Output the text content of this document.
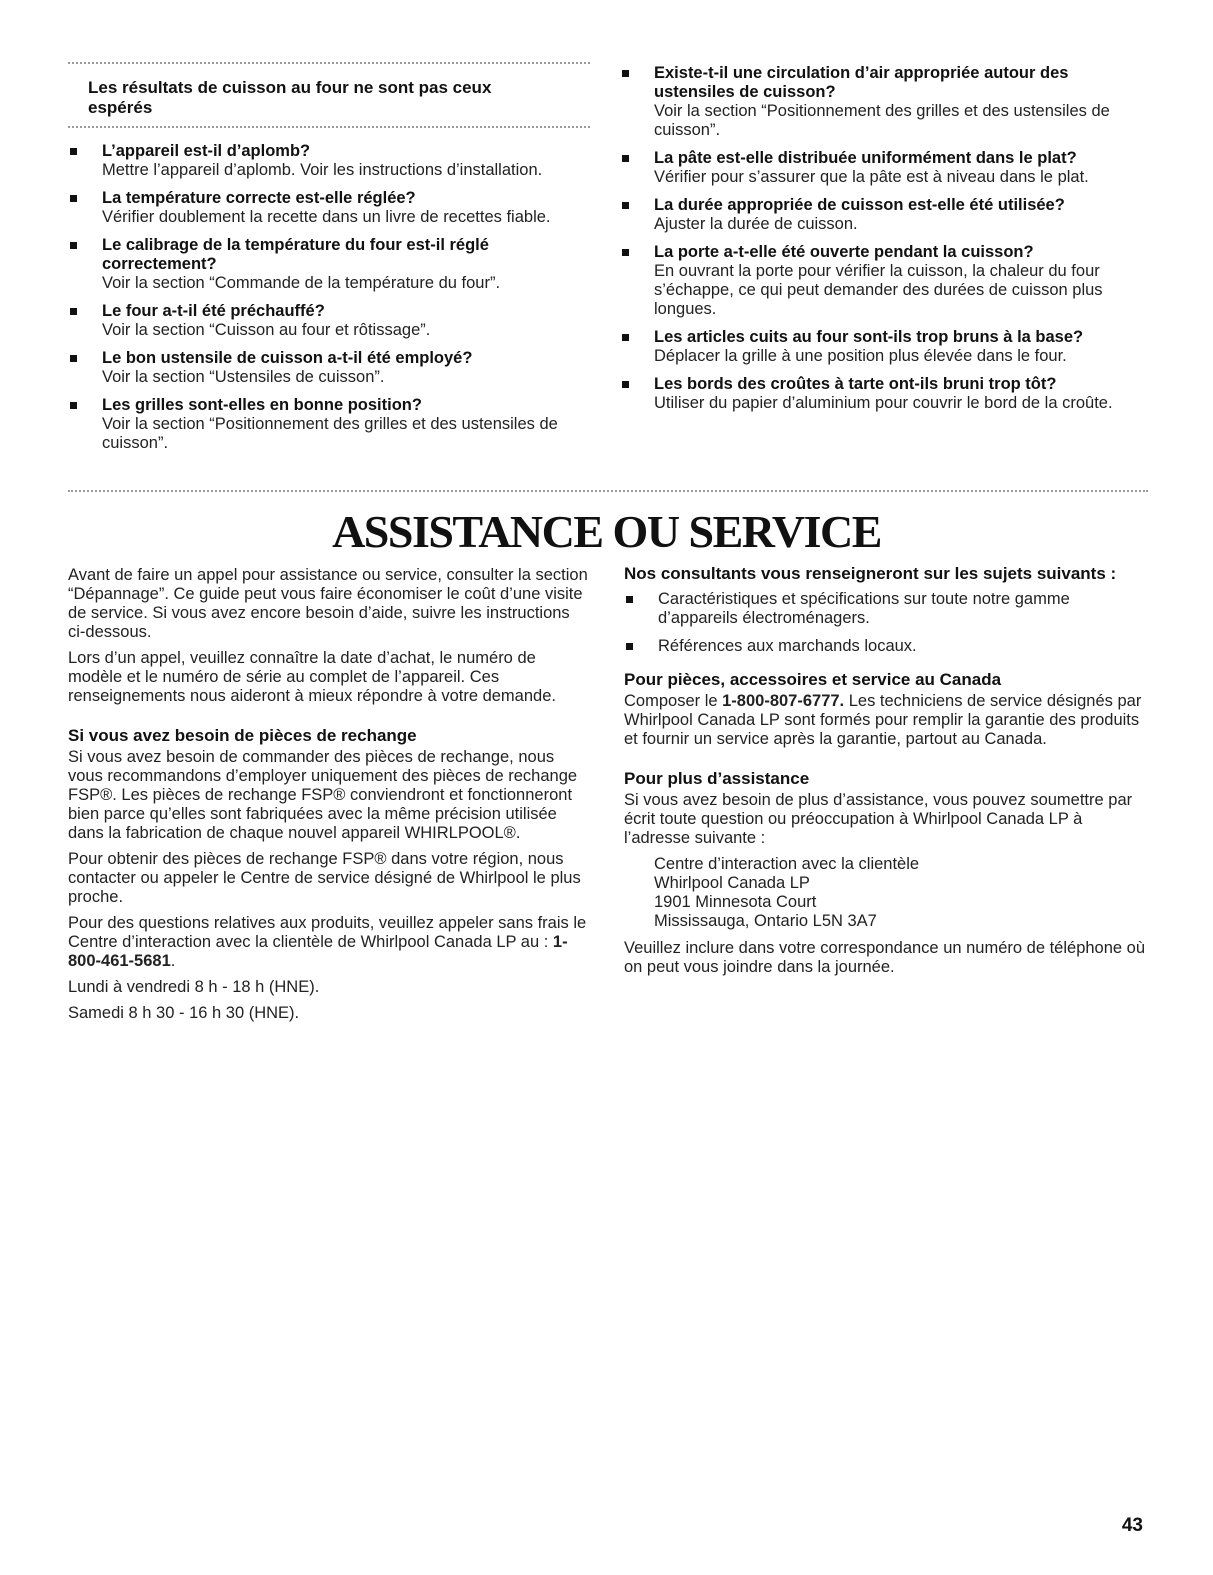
Les résultats de cuisson au four ne sont pas ceux espérés
L’appareil est-il d’aplomb?
Mettre l’appareil d’aplomb. Voir les instructions d’installation.
La température correcte est-elle réglée?
Vérifier doublement la recette dans un livre de recettes fiable.
Le calibrage de la température du four est-il réglé correctement?
Voir la section “Commande de la température du four”.
Le four a-t-il été préchauffé?
Voir la section “Cuisson au four et rôtissage”.
Le bon ustensile de cuisson a-t-il été employé?
Voir la section “Ustensiles de cuisson”.
Les grilles sont-elles en bonne position?
Voir la section “Positionnement des grilles et des ustensiles de cuisson”.
Existe-t-il une circulation d’air appropriée autour des ustensiles de cuisson?
Voir la section “Positionnement des grilles et des ustensiles de cuisson”.
La pâte est-elle distribuée uniformément dans le plat?
Vérifier pour s’assurer que la pâte est à niveau dans le plat.
La durée appropriée de cuisson est-elle été utilisée?
Ajuster la durée de cuisson.
La porte a-t-elle été ouverte pendant la cuisson?
En ouvrant la porte pour vérifier la cuisson, la chaleur du four s’échappe, ce qui peut demander des durées de cuisson plus longues.
Les articles cuits au four sont-ils trop bruns à la base?
Déplacer la grille à une position plus élevée dans le four.
Les bords des croûtes à tarte ont-ils bruni trop tôt?
Utiliser du papier d’aluminium pour couvrir le bord de la croûte.
ASSISTANCE OU SERVICE

Avant de faire un appel pour assistance ou service, consulter la section “Dépannage”. Ce guide peut vous faire économiser le coût d’une visite de service. Si vous avez encore besoin d’aide, suivre les instructions ci-dessous.

Lors d’un appel, veuillez connaître la date d’achat, le numéro de modèle et le numéro de série au complet de l’appareil. Ces renseignements nous aideront à mieux répondre à votre demande.

Si vous avez besoin de pièces de rechange

Si vous avez besoin de commander des pièces de rechange, nous vous recommandons d’employer uniquement des pièces de rechange FSP®. Les pièces de rechange FSP® conviendront et fonctionneront bien parce qu’elles sont fabriquées avec la même précision utilisée dans la fabrication de chaque nouvel appareil WHIRLPOOL®.

Pour obtenir des pièces de rechange FSP® dans votre région, nous contacter ou appeler le Centre de service désigné de Whirlpool le plus proche.

Pour des questions relatives aux produits, veuillez appeler sans frais le Centre d’interaction avec la clientèle de Whirlpool Canada LP au : 1-800-461-5681.

Lundi à vendredi 8 h - 18 h (HNE).

Samedi 8 h 30 - 16 h 30 (HNE).

Nos consultants vous renseigneront sur les sujets suivants :
Caractéristiques et spécifications sur toute notre gamme d’appareils électroménagers.
Références aux marchands locaux.
Pour pièces, accessoires et service au Canada

Composer le 1-800-807-6777. Les techniciens de service désignés par Whirlpool Canada LP sont formés pour remplir la garantie des produits et fournir un service après la garantie, partout au Canada.

Pour plus d’assistance

Si vous avez besoin de plus d’assistance, vous pouvez soumettre par écrit toute question ou préoccupation à Whirlpool Canada LP à l’adresse suivante :

Centre d’interaction avec la clientèle
Whirlpool Canada LP
1901 Minnesota Court
Mississauga, Ontario L5N 3A7

Veuillez inclure dans votre correspondance un numéro de téléphone où on peut vous joindre dans la journée.

43
